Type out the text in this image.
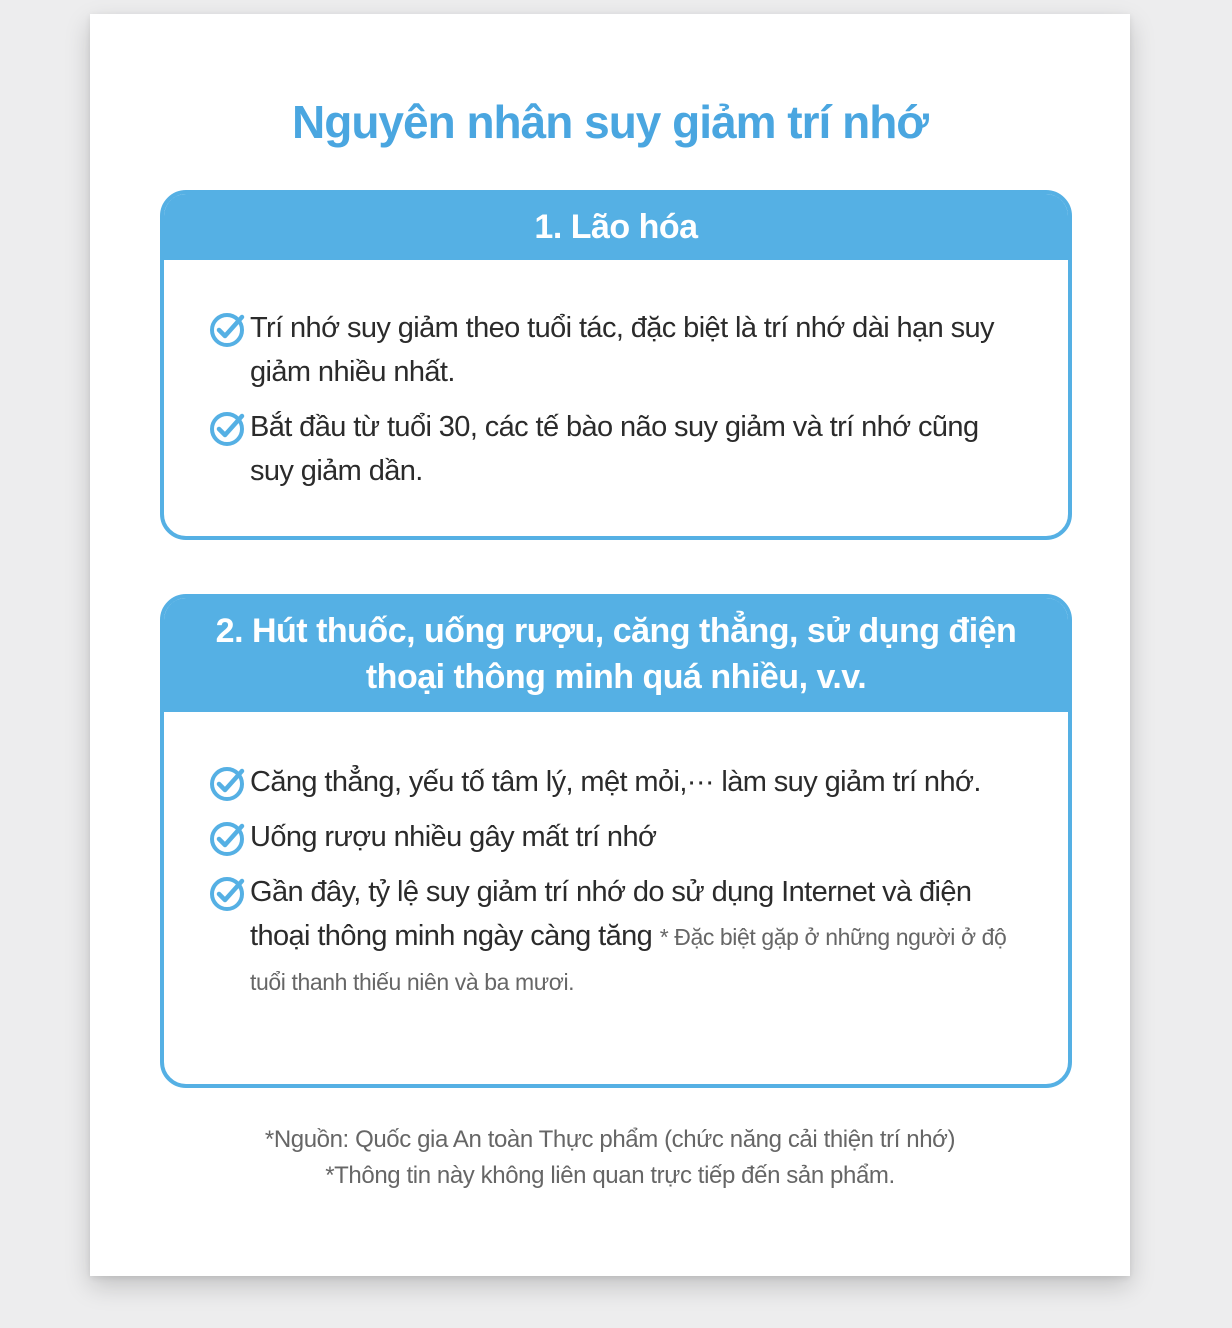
Nguyên nhân suy giảm trí nhớ
1. Lão hóa
Trí nhớ suy giảm theo tuổi tác, đặc biệt là trí nhớ dài hạn suy giảm nhiều nhất.
Bắt đầu từ tuổi 30, các tế bào não suy giảm và trí nhớ cũng suy giảm dần.
2. Hút thuốc, uống rượu, căng thẳng, sử dụng điện
thoại thông minh quá nhiều, v.v.
Căng thẳng, yếu tố tâm lý, mệt mỏi,··· làm suy giảm trí nhớ.
Uống rượu nhiều gây mất trí nhớ
Gần đây, tỷ lệ suy giảm trí nhớ do sử dụng Internet và điện thoại thông minh ngày càng tăng * Đặc biệt gặp ở những người ở độ tuổi thanh thiếu niên và ba mươi.
*Nguồn: Quốc gia An toàn Thực phẩm (chức năng cải thiện trí nhớ)
*Thông tin này không liên quan trực tiếp đến sản phẩm.
